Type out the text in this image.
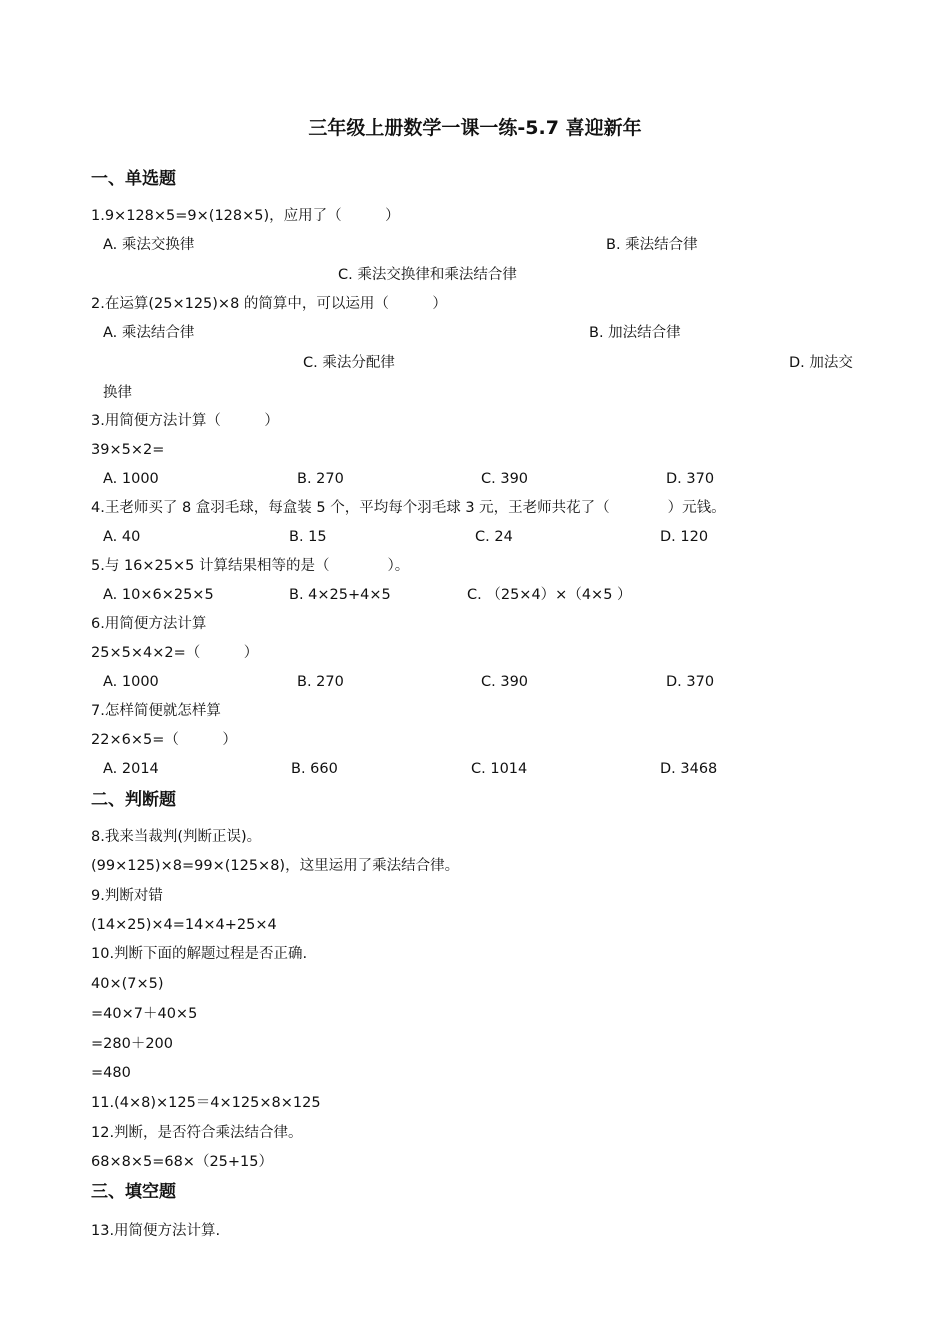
三年级上册数学一课一练-5.7 喜迎新年
一、单选题
1.9×128×5=9×(128×5)，应用了（　　　）
A. 乘法交换律	B. 乘法结合律
C. 乘法交换律和乘法结合律
2.在运算(25×125)×8 的简算中，可以运用（　　　）
A. 乘法结合律	B. 加法结合律
C. 乘法分配律	D. 加法交
换律
3.用简便方法计算（　　　）
39×5×2=
A. 1000	B. 270	C. 390	D. 370
4.王老师买了 8 盒羽毛球，每盒装 5 个，平均每个羽毛球 3 元，王老师共花了（　　　　）元钱。
A. 40	B. 15	C. 24	D. 120
5.与 16×25×5 计算结果相等的是（　　　　）。
A. 10×6×25×5	B. 4×25+4×5	C. （25×4）×（4×5 ）
6.用简便方法计算
25×5×4×2=（　　　）
A. 1000	B. 270	C. 390	D. 370
7.怎样简便就怎样算
22×6×5=（　　　）
A. 2014	B. 660	C. 1014	D. 3468
二、判断题
8.我来当裁判(判断正误)。
(99×125)×8=99×(125×8)，这里运用了乘法结合律。
9.判断对错
(14×25)×4=14×4+25×4
10.判断下面的解题过程是否正确.
40×(7×5)
=40×7＋40×5
=280＋200
=480
11.(4×8)×125＝4×125×8×125
12.判断，是否符合乘法结合律。
68×8×5=68×（25+15）
三、填空题
13.用简便方法计算.
